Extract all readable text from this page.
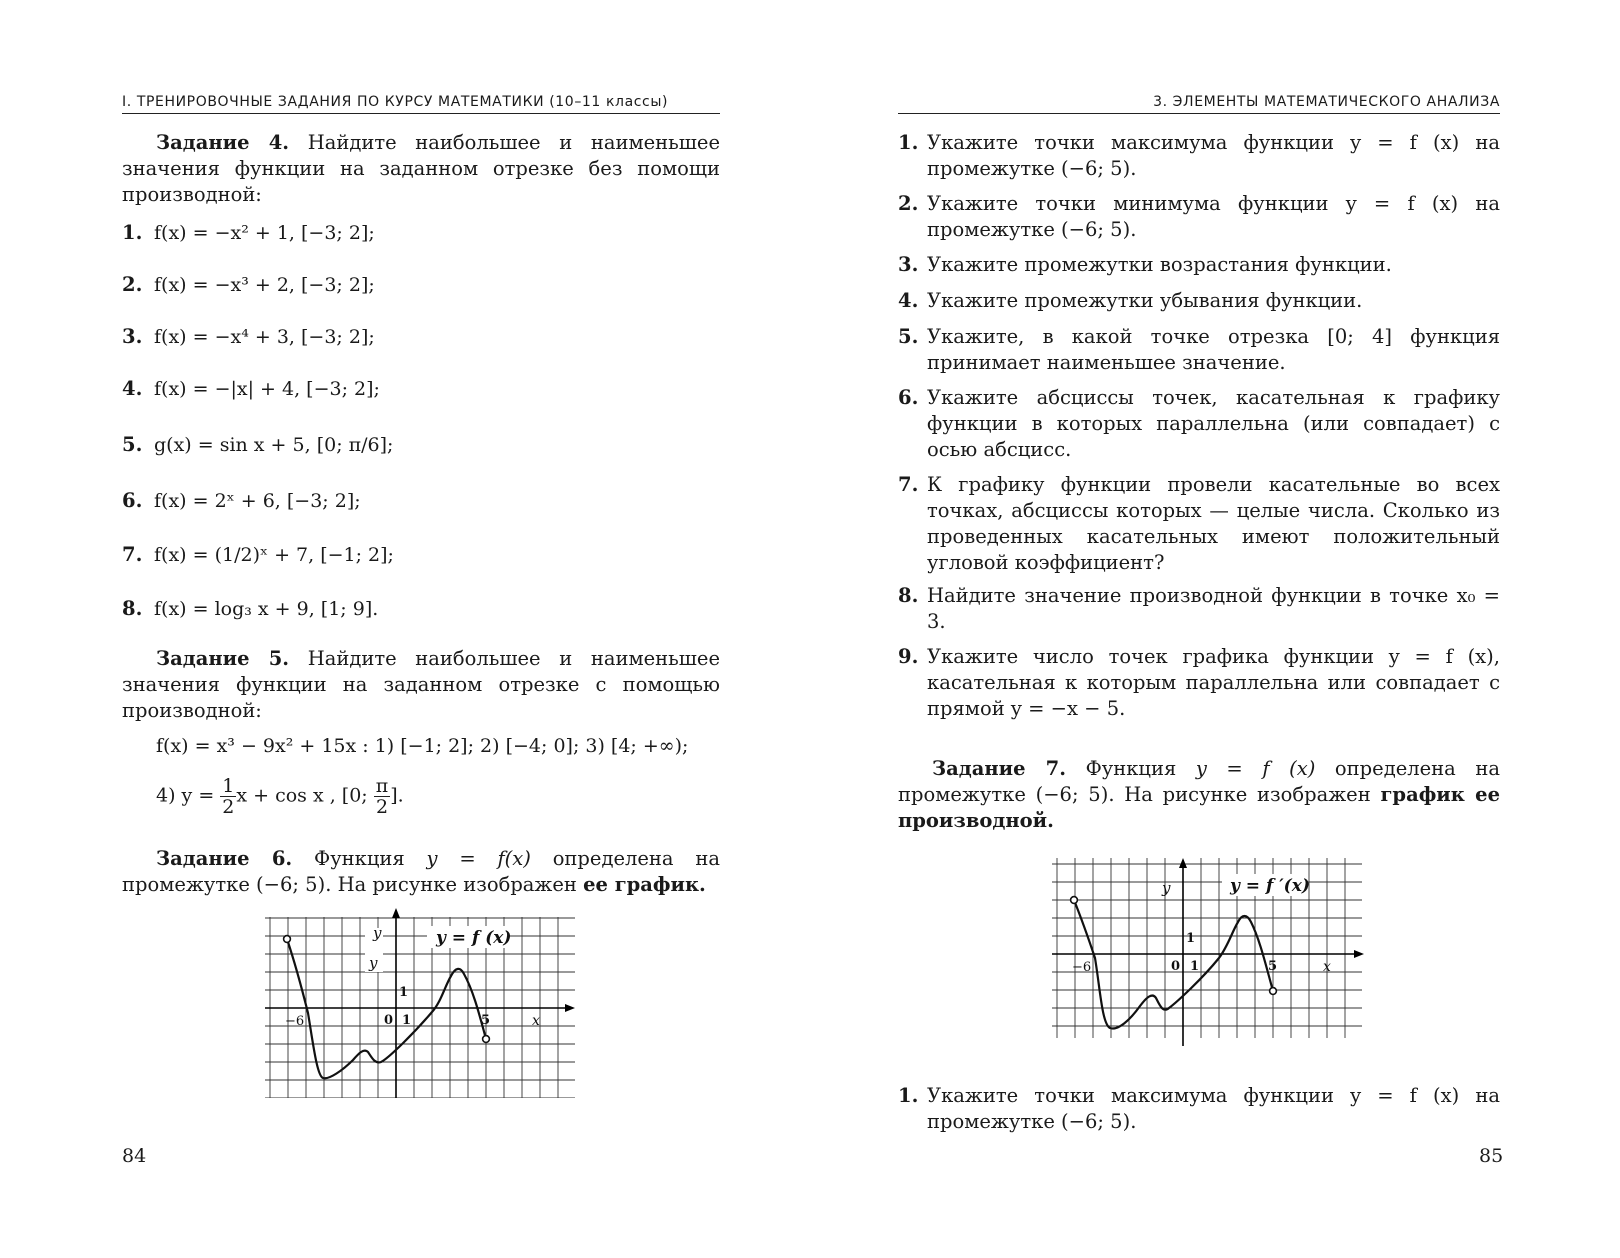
I. ТРЕНИРОВОЧНЫЕ ЗАДАНИЯ ПО КУРСУ МАТЕМАТИКИ (10–11 классы)
Задание 4. Найдите наибольшее и наименьшее значения функции на заданном отрезке без помощи производной:
1. f(x) = −x² + 1, [−3; 2];
2. f(x) = −x³ + 2, [−3; 2];
3. f(x) = −x⁴ + 3, [−3; 2];
4. f(x) = −|x| + 4, [−3; 2];
5. g(x) = sin x + 5, [0; π/6];
6. f(x) = 2ˣ + 6, [−3; 2];
7. f(x) = (1/2)ˣ + 7, [−1; 2];
8. f(x) = log₃ x + 9, [1; 9].
Задание 5. Найдите наибольшее и наименьшее значения функции на заданном отрезке с помощью производной:
f(x) = x³ − 9x² + 15x : 1) [−1; 2]; 2) [−4; 0]; 3) [4; +∞);
4) $y = \frac{1}{2}$ x + cos x , [0; $\frac{\pi}{2}$ ].
Задание 6. Функция y = f(x) определена на промежутке (−6; 5). На рисунке изображен ее график.
y = f (x)
y
y
x
−6	0 1
1
5
84
3. ЭЛЕМЕНТЫ МАТЕМАТИЧЕСКОГО АНАЛИЗА
1. Укажите точки максимума функции y = f (x) на промежутке (−6; 5).
2. Укажите точки минимума функции y = f (x) на промежутке (−6; 5).
3. Укажите промежутки возрастания функции.
4. Укажите промежутки убывания функции.
5. Укажите, в какой точке отрезка [0; 4] функция принимает наименьшее значение.
6. Укажите абсциссы точек, касательная к графику функции в которых параллельна (или совпадает) с осью абсцисс.
7. К графику функции провели касательные во всех точках, абсциссы которых — целые числа. Сколько из проведенных касательных имеют положительный угловой коэффициент?
8. Найдите значение производной функции в точке x₀ = 3.
9. Укажите число точек графика функции y = f (x), касательная к которым параллельна или совпадает с прямой y = −x − 5.
Задание 7. Функция y = f (x) определена на промежутке (−6; 5). На рисунке изображен график ее производной.
y = f ′(x)
y
x
−6	0 1
1
5
1. Укажите точки максимума функции y = f (x) на промежутке (−6; 5).
85
